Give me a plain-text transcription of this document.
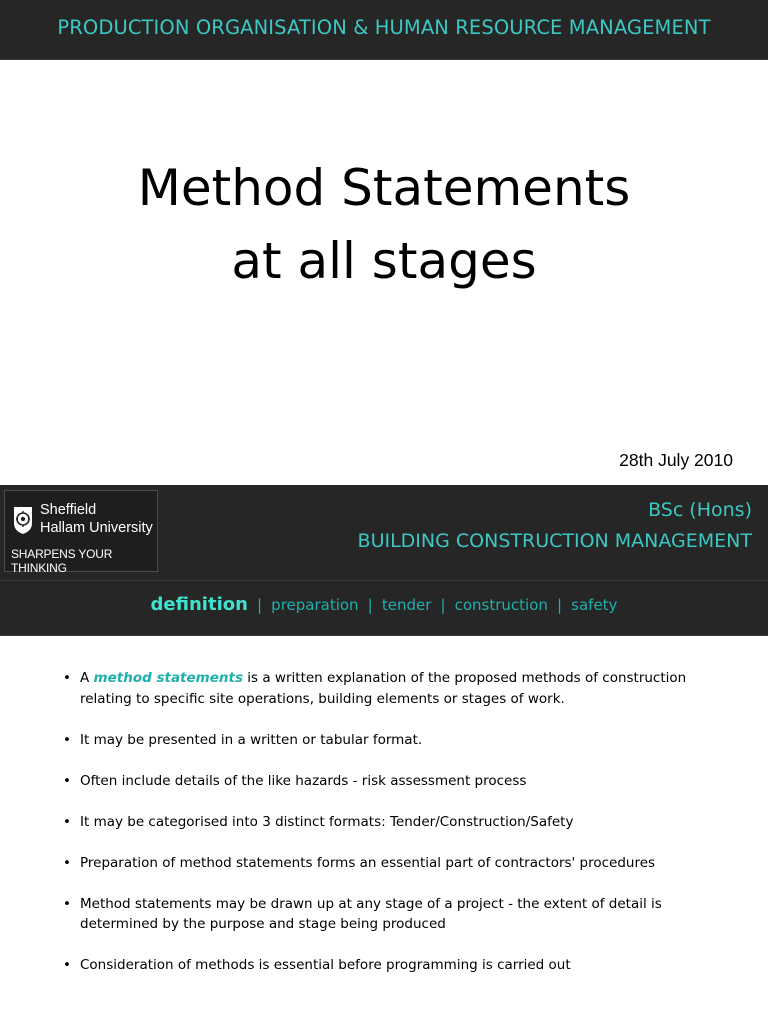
PRODUCTION ORGANISATION & HUMAN RESOURCE MANAGEMENT
Method Statements
at all stages
28th July 2010
Sheffield
Hallam University
SHARPENS YOUR THINKING
BSc (Hons)
BUILDING CONSTRUCTION MANAGEMENT
definition | preparation | tender | construction | safety
• A method statements is a written explanation of the proposed methods of construction relating to specific site operations, building elements or stages of work.
• It may be presented in a written or tabular format.
• Often include details of the like hazards - risk assessment process
• It may be categorised into 3 distinct formats: Tender/Construction/Safety
• Preparation of method statements forms an essential part of contractors' procedures
• Method statements may be drawn up at any stage of a project - the extent of detail is determined by the purpose and stage being produced
• Consideration of methods is essential before programming is carried out
